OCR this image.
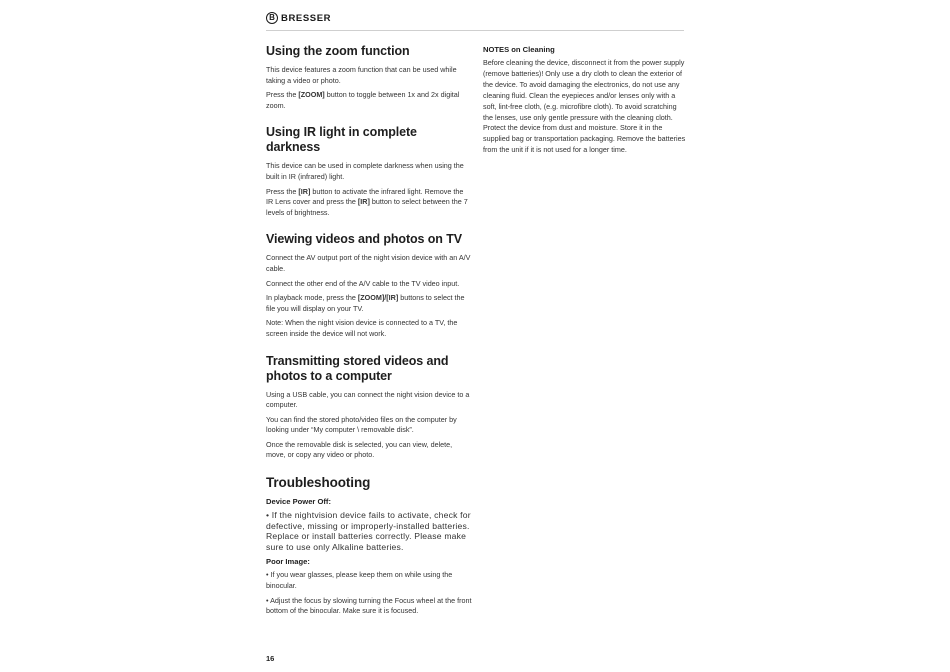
B BRESSER
Using the zoom function

This device features a zoom function that can be used while taking a video or photo.

Press the [ZOOM] button to toggle between 1x and 2x digital zoom.

Using IR light in complete darkness

This device can be used in complete darkness when using the built in IR (infrared) light.

Press the [IR] button to activate the infrared light. Remove the IR Lens cover and press the [IR] button to select between the 7 levels of brightness.

Viewing videos and photos on TV

Connect the AV output port of the night vision device with an A/V cable.

Connect the other end of the A/V cable to the TV video input.

In playback mode, press the [ZOOM]/[IR] buttons to select the file you will display on your TV.

Note: When the night vision device is connected to a TV, the screen inside the device will not work.

Transmitting stored videos and photos to a computer

Using a USB cable, you can connect the night vision device to a computer.

You can find the stored photo/video files on the computer by looking under “My computer \ removable disk”.

Once the removable disk is selected, you can view, delete, move, or copy any video or photo.

Troubleshooting
Device Power Off:

• If the nightvision device fails to activate, check for defective, missing or improperly-installed batteries. Replace or install batteries correctly. Please make sure to use only Alkaline batteries.

Poor Image:

• If you wear glasses, please keep them on while using the binocular.

• Adjust the focus by slowing turning the Focus wheel at the front bottom of the binocular. Make sure it is focused.

NOTES on Cleaning

Before cleaning the device, disconnect it from the power supply (remove batteries)! Only use a dry cloth to clean the exterior of the device. To avoid damaging the electronics, do not use any cleaning fluid. Clean the eyepieces and/or lenses only with a soft, lint-free cloth, (e.g. microfibre cloth). To avoid scratching the lenses, use only gentle pressure with the cleaning cloth. Protect the device from dust and moisture. Store it in the supplied bag or transportation packaging. Remove the batteries from the unit if it is not used for a longer time.

16
